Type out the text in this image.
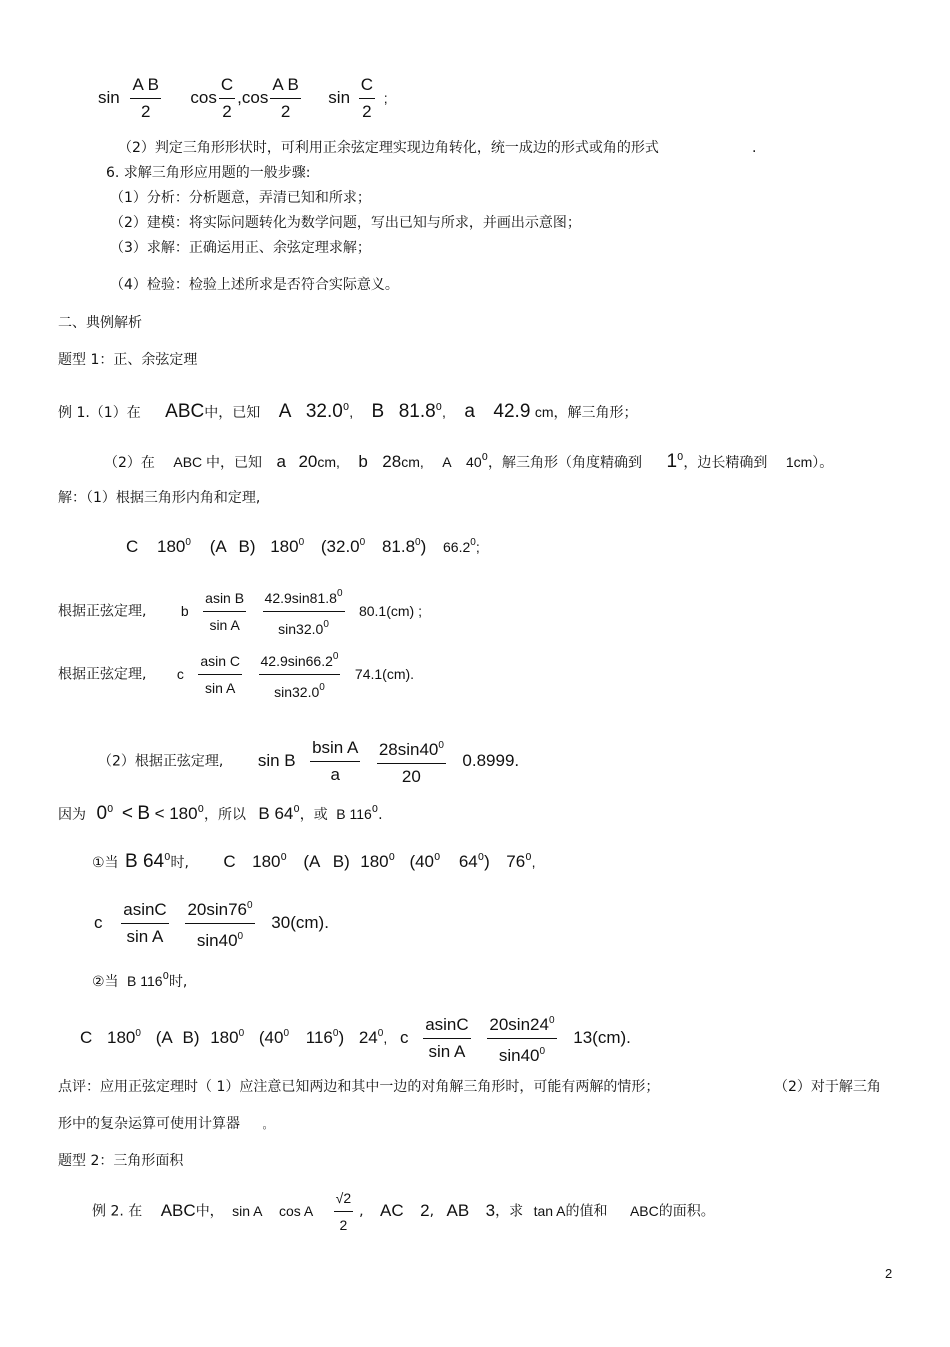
$\sin \frac{\text{A B}}{2}$ $\cos \frac{C}{2} ,\cos \frac{\text{A B}}{2}$ $\sin \frac{C}{2}$ ;
（2）判定三角形形状时，可利用正余弦定理实现边角转化，统一成边的形式或角的形式	.
6. 求解三角形应用题的一般步骤:
（1）分析：分析题意，弄清已知和所求；
（2）建模：将实际问题转化为数学问题，写出已知与所求，并画出示意图；
（3）求解：正确运用正、余弦定理求解；
（4）检验：检验上述所求是否符合实际意义。
二、典例解析
题型 1：正、余弦定理
例 1.（1）在 ABC中，已知 A 32.0$^0$, B 81.8$^0$, a 42.9 cm，解三角形；
（2）在 ABC 中，已知 a 20cm, b 28cm, A $40^0$，解三角形（角度精确到 $1^0$，边长精确到 1cm）。
解：（1）根据三角形内角和定理,
C $180^0$ (A B) $180^0$ (32.0$^0$ 81.8$^0$) 66.2$^0$;
根据正弦定理, b $\frac{\text{asin B}}{\text{sin A}}$
$\frac{42.9\sin 81.8^0}{\sin 32.0^0} 80.1(cm)$ ;
根据正弦定理, c $\frac{\text{asin C}}{\text{sin A}}$
$\frac{42.9\sin 66.2^0}{\sin 32.0^0} 74.1(cm)$.
（2）根据正弦定理, sin B $\frac{\text{bsin A}}{a}$
$\frac{28\sin 40^0}{20} 0.8999$.
因为 $0^0 < B < 180^0$，所以 B $64^0$，或 B $116^0$.
①当 B $64^0$时, C $180^0$ (A B) $180^0$ ($40^0$ $64^0$) $76^0$,
c $\frac{asinC}{\text{sin A}}$
$\frac{20\sin 76^0}{\sin 40^0} 30(cm)$.
②当 B $116^0$时,
C $180^0$ (A B) $180^0$ ($40^0$ $116^0$) $24^0$, c $\frac{asinC}{\text{sin A}}$
$\frac{20\sin 24^0}{\sin 40^0} 13(cm)$.
点评：应用正弦定理时（ 1）应注意已知两边和其中一边的对角解三角形时，可能有两解的情形；	（2）对于解三角
形中的复杂运算可使用计算器 。
题型 2：三角形面积
例 2. 在 ABC中， sin A cos A $\frac{√2}{2}$ , AC 2, AB 3，求 tan A的值和 ABC的面积。
2
